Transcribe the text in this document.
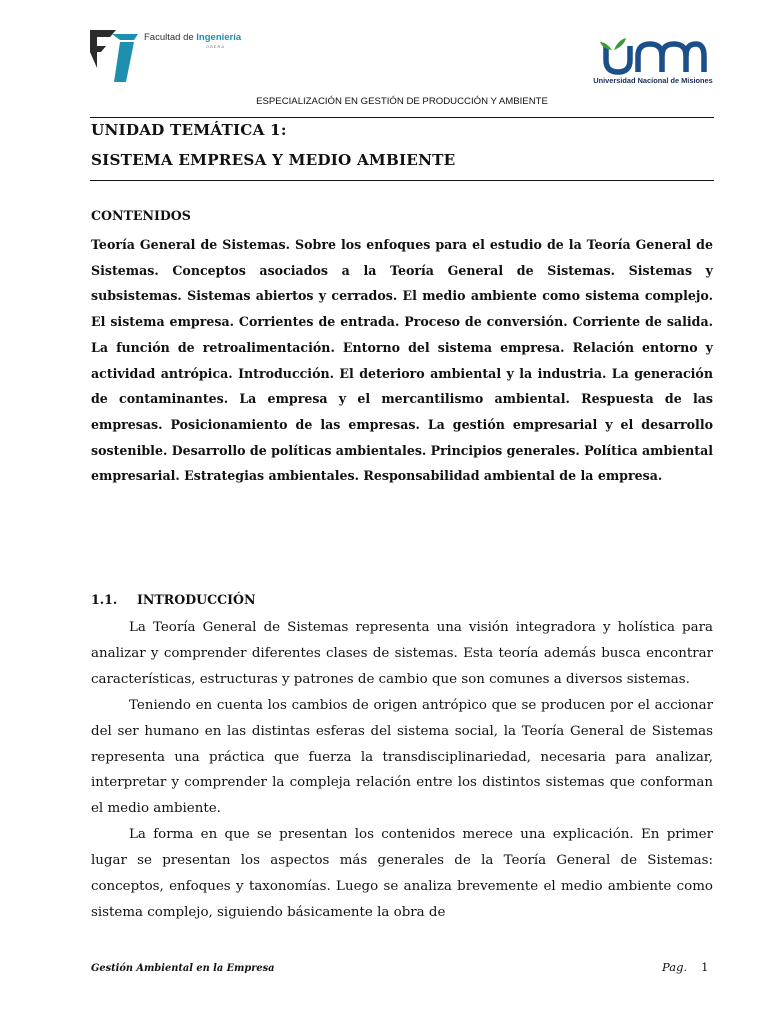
Facultad de Ingeniería
OBERÁ
Universidad Nacional de Misiones
ESPECIALIZACIÓN EN GESTIÓN DE PRODUCCIÓN Y AMBIENTE
UNIDAD TEMÁTICA 1:
SISTEMA EMPRESA Y MEDIO AMBIENTE
CONTENIDOS
Teoría General de Sistemas. Sobre los enfoques para el estudio de la Teoría General de Sistemas. Conceptos asociados a la Teoría General de Sistemas. Sistemas y subsistemas. Sistemas abiertos y cerrados. El medio ambiente como sistema complejo. El sistema empresa. Corrientes de entrada. Proceso de conversión. Corriente de salida. La función de retroalimentación. Entorno del sistema empresa. Relación entorno y actividad antrópica. Introducción. El deterioro ambiental y la industria. La generación de contaminantes. La empresa y el mercantilismo ambiental. Respuesta de las empresas. Posicionamiento de las empresas. La gestión empresarial y el desarrollo sostenible. Desarrollo de políticas ambientales. Principios generales. Política ambiental empresarial. Estrategias ambientales. Responsabilidad ambiental de la empresa.
1.1. INTRODUCCIÓN

La Teoría General de Sistemas representa una visión integradora y holística para analizar y comprender diferentes clases de sistemas. Esta teoría además busca encontrar características, estructuras y patrones de cambio que son comunes a diversos sistemas.

Teniendo en cuenta los cambios de origen antrópico que se producen por el accionar del ser humano en las distintas esferas del sistema social, la Teoría General de Sistemas representa una práctica que fuerza la transdisciplinariedad, necesaria para analizar, interpretar y comprender la compleja relación entre los distintos sistemas que conforman el medio ambiente.

La forma en que se presentan los contenidos merece una explicación. En primer lugar se presentan los aspectos más generales de la Teoría General de Sistemas: conceptos, enfoques y taxonomías. Luego se analiza brevemente el medio ambiente como sistema complejo, siguiendo básicamente la obra de

Gestión Ambiental en la Empresa	Pag. 1
